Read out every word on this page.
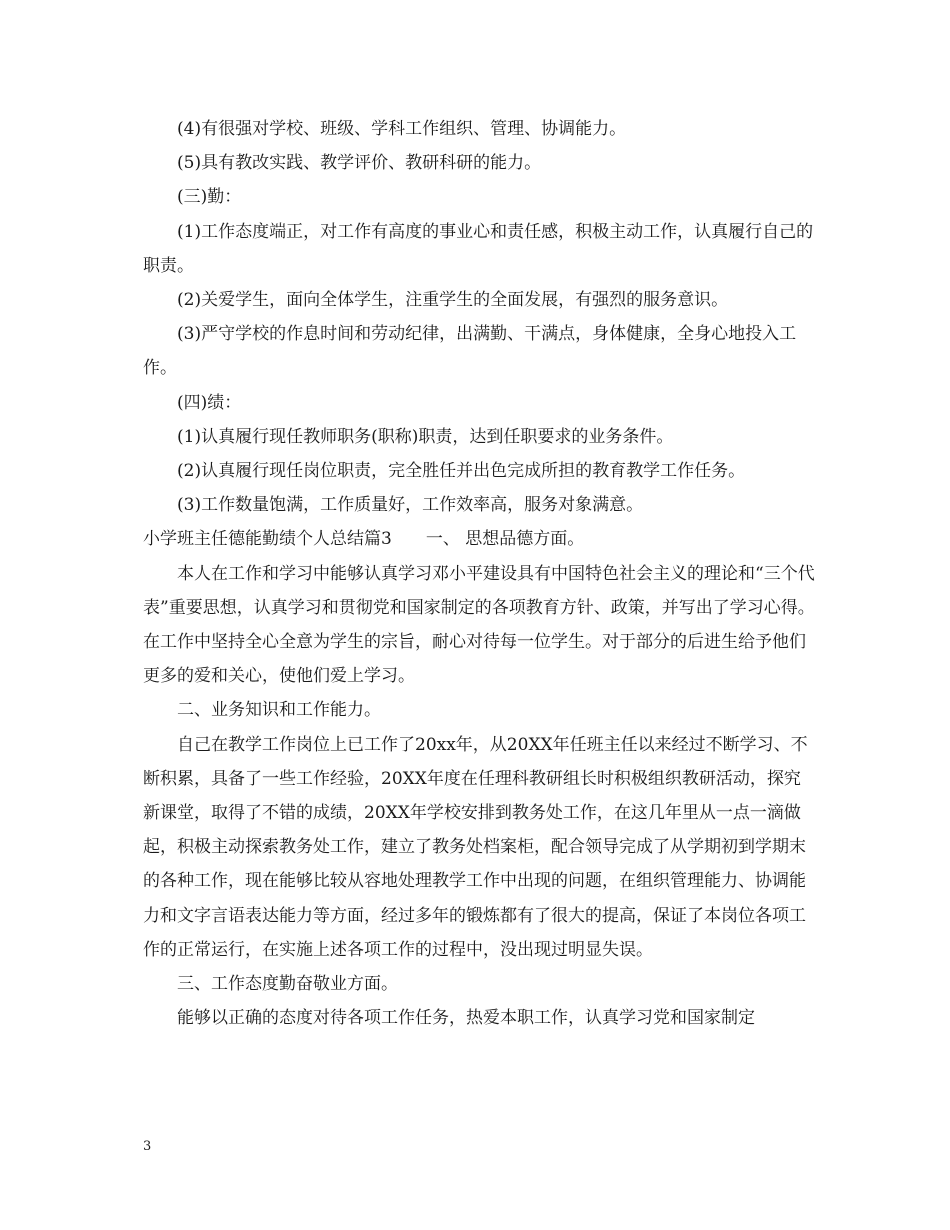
(4)有很强对学校、班级、学科工作组织、管理、协调能力。

(5)具有教改实践、教学评价、教研科研的能力。

(三)勤：

(1)工作态度端正，对工作有高度的事业心和责任感，积极主动工作，认真履行自己的职责。

(2)关爱学生，面向全体学生，注重学生的全面发展，有强烈的服务意识。

(3)严守学校的作息时间和劳动纪律，出满勤、干满点，身体健康，全身心地投入工作。

(四)绩：

(1)认真履行现任教师职务(职称)职责，达到任职要求的业务条件。

(2)认真履行现任岗位职责，完全胜任并出色完成所担的教育教学工作任务。

(3)工作数量饱满，工作质量好，工作效率高，服务对象满意。

小学班主任德能勤绩个人总结篇3　　一、 思想品德方面。

本人在工作和学习中能够认真学习邓小平建设具有中国特色社会主义的理论和“三个代表”重要思想，认真学习和贯彻党和国家制定的各项教育方针、政策，并写出了学习心得。在工作中坚持全心全意为学生的宗旨，耐心对待每一位学生。对于部分的后进生给予他们更多的爱和关心，使他们爱上学习。

二、业务知识和工作能力。

自己在教学工作岗位上已工作了20xx年，从20XX年任班主任以来经过不断学习、不断积累，具备了一些工作经验，20XX年度在任理科教研组长时积极组织教研活动，探究新课堂，取得了不错的成绩，20XX年学校安排到教务处工作，在这几年里从一点一滴做起，积极主动探索教务处工作，建立了教务处档案柜，配合领导完成了从学期初到学期末的各种工作，现在能够比较从容地处理教学工作中出现的问题，在组织管理能力、协调能力和文字言语表达能力等方面，经过多年的锻炼都有了很大的提高，保证了本岗位各项工作的正常运行，在实施上述各项工作的过程中，没出现过明显失误。

三、工作态度勤奋敬业方面。

能够以正确的态度对待各项工作任务，热爱本职工作，认真学习党和国家制定

3
